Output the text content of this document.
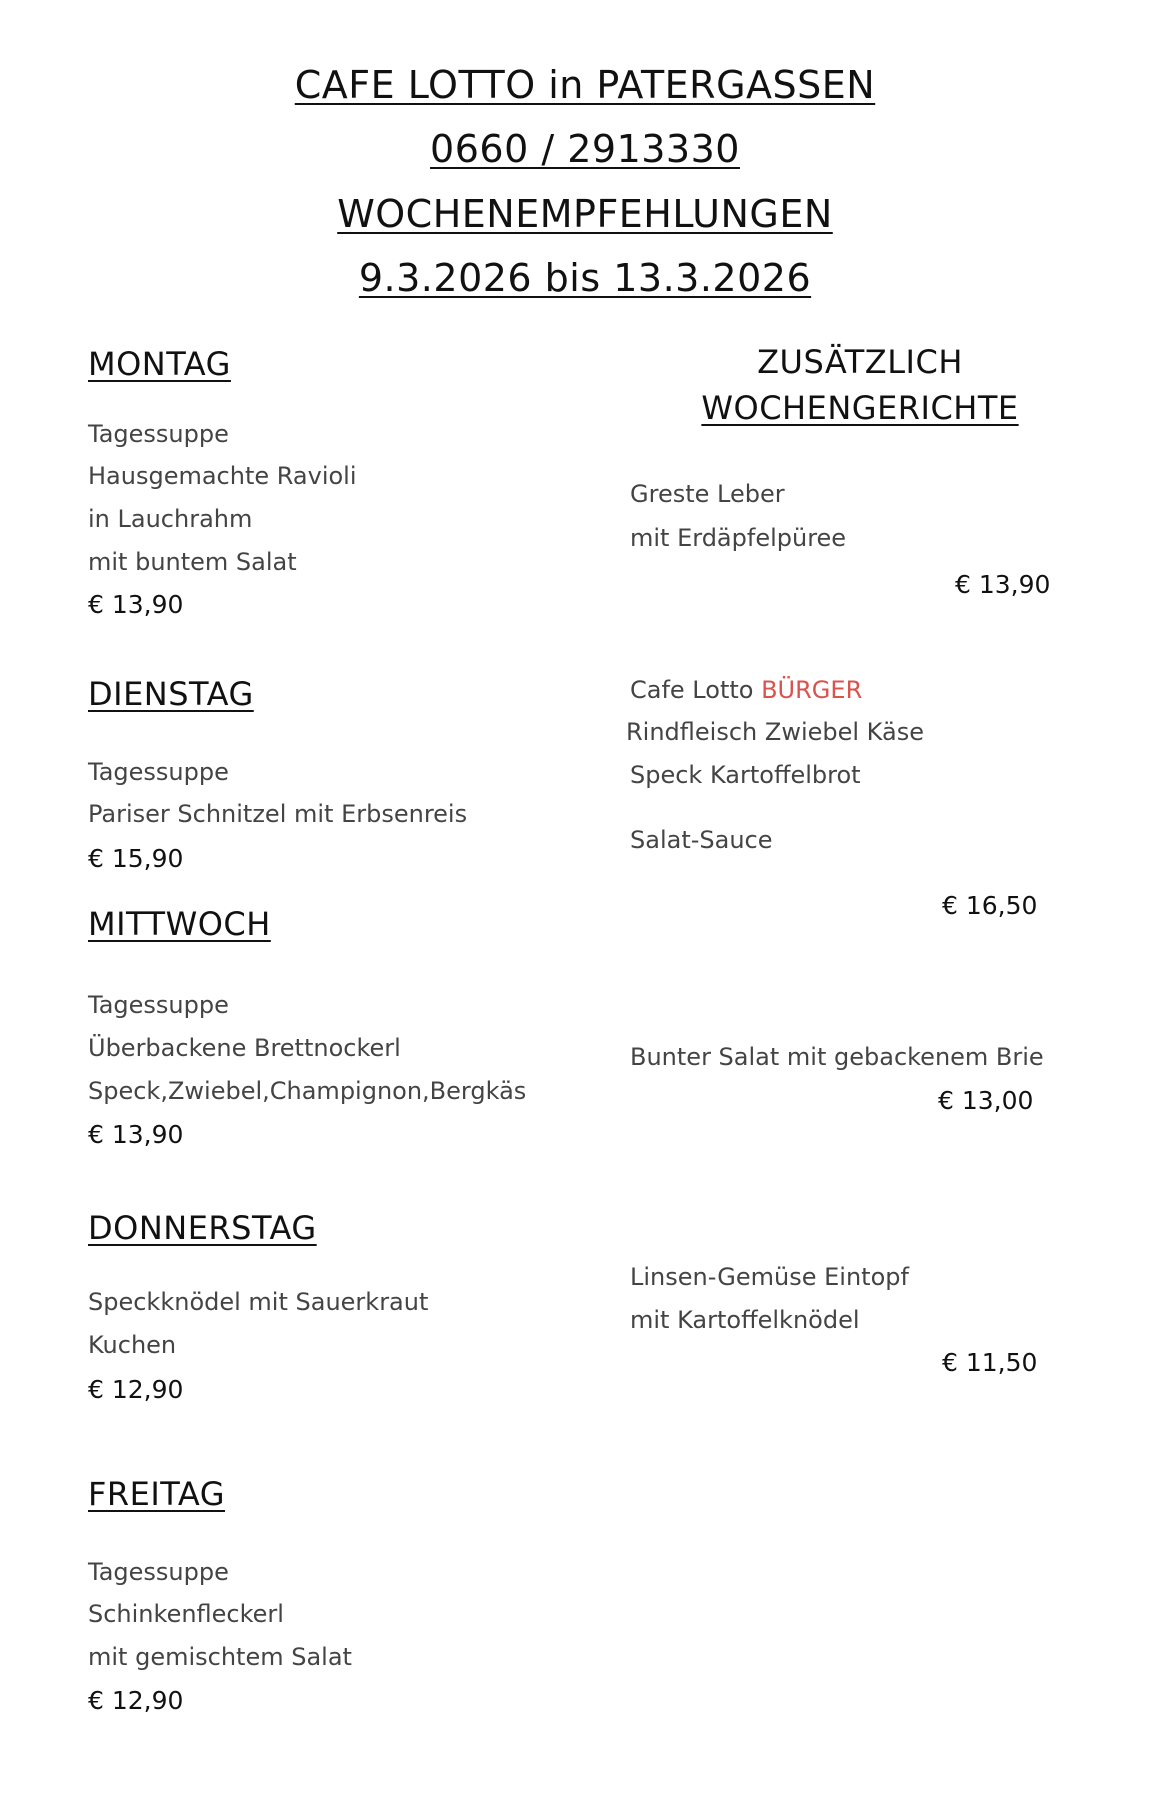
CAFE LOTTO in PATERGASSEN
0660 / 2913330
WOCHENEMPFEHLUNGEN
9.3.2026 bis 13.3.2026
MONTAG
Tagessuppe
Hausgemachte Ravioli
in Lauchrahm
mit buntem Salat
€ 13,90
DIENSTAG
Tagessuppe
Pariser Schnitzel mit Erbsenreis
€ 15,90
MITTWOCH
Tagessuppe
Überbackene Brettnockerl
Speck,Zwiebel,Champignon,Bergkäs
€ 13,90
DONNERSTAG
Speckknödel mit Sauerkraut
Kuchen
€ 12,90
FREITAG
Tagessuppe
Schinkenfleckerl
mit gemischtem Salat
€ 12,90
ZUSÄTZLICH
WOCHENGERICHTE
Greste Leber
mit Erdäpfelpüree
€ 13,90
Cafe Lotto BÜRGER
Rindfleisch Zwiebel Käse
Speck Kartoffelbrot
Salat-Sauce
€ 16,50
Bunter Salat mit gebackenem Brie
€ 13,00
Linsen-Gemüse Eintopf
mit Kartoffelknödel
€ 11,50
